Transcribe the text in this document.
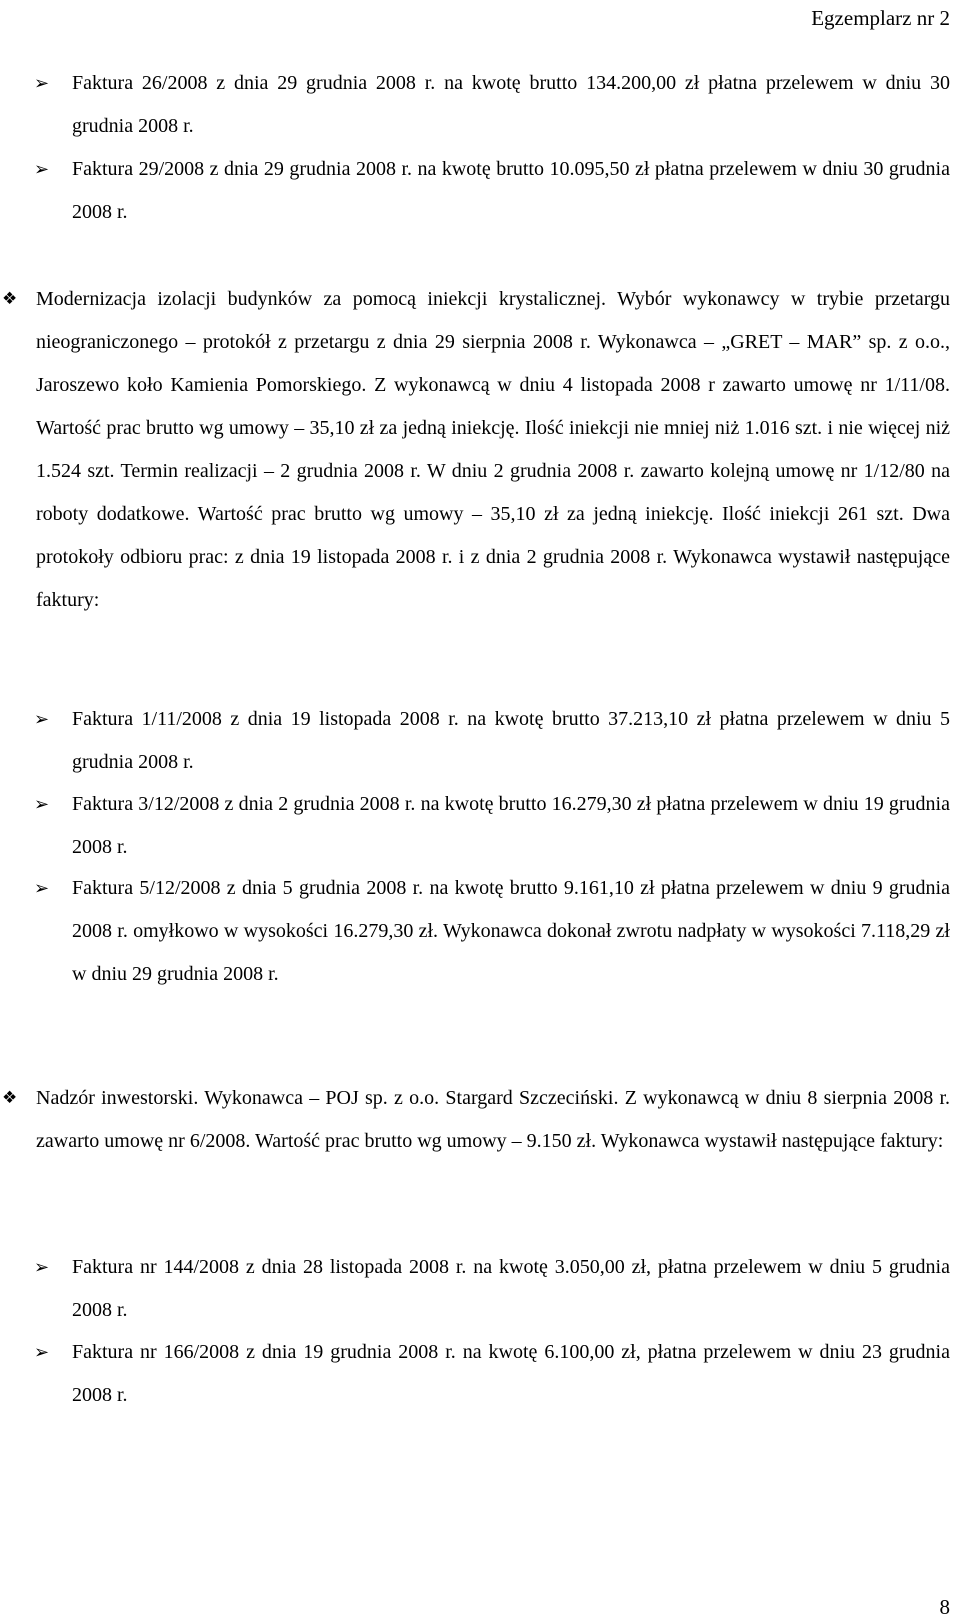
Egzemplarz nr 2

➢ Faktura 26/2008 z dnia 29 grudnia 2008 r. na kwotę brutto 134.200,00 zł płatna przelewem w dniu 30 grudnia 2008 r.

➢ Faktura 29/2008 z dnia 29 grudnia 2008 r. na kwotę brutto 10.095,50 zł płatna przelewem w dniu 30 grudnia 2008 r.

❖ Modernizacja izolacji budynków za pomocą iniekcji krystalicznej. Wybór wykonawcy w trybie przetargu nieograniczonego – protokół z przetargu z dnia 29 sierpnia 2008 r. Wykonawca – „GRET – MAR” sp. z o.o., Jaroszewo koło Kamienia Pomorskiego. Z wykonawcą w dniu 4 listopada 2008 r zawarto umowę nr 1/11/08. Wartość prac brutto wg umowy – 35,10 zł za jedną iniekcję. Ilość iniekcji nie mniej niż 1.016 szt. i nie więcej niż 1.524 szt. Termin realizacji – 2 grudnia 2008 r. W dniu 2 grudnia 2008 r. zawarto kolejną umowę nr 1/12/80 na roboty dodatkowe. Wartość prac brutto wg umowy – 35,10 zł za jedną iniekcję. Ilość iniekcji 261 szt. Dwa protokoły odbioru prac: z dnia 19 listopada 2008 r. i z dnia 2 grudnia 2008 r. Wykonawca wystawił następujące faktury:

➢ Faktura 1/11/2008 z dnia 19 listopada 2008 r. na kwotę brutto 37.213,10 zł płatna przelewem w dniu 5 grudnia 2008 r.

➢ Faktura 3/12/2008 z dnia 2 grudnia 2008 r. na kwotę brutto 16.279,30 zł płatna przelewem w dniu 19 grudnia 2008 r.

➢ Faktura 5/12/2008 z dnia 5 grudnia 2008 r. na kwotę brutto 9.161,10 zł płatna przelewem w dniu 9 grudnia 2008 r. omyłkowo w wysokości 16.279,30 zł. Wykonawca dokonał zwrotu nadpłaty w wysokości 7.118,29 zł w dniu 29 grudnia 2008 r.

❖ Nadzór inwestorski. Wykonawca – POJ sp. z o.o. Stargard Szczeciński. Z wykonawcą w dniu 8 sierpnia 2008 r. zawarto umowę nr 6/2008. Wartość prac brutto wg umowy – 9.150 zł. Wykonawca wystawił następujące faktury:

➢ Faktura nr 144/2008 z dnia 28 listopada 2008 r. na kwotę 3.050,00 zł, płatna przelewem w dniu 5 grudnia 2008 r.

➢ Faktura nr 166/2008 z dnia 19 grudnia 2008 r. na kwotę 6.100,00 zł, płatna przelewem w dniu 23 grudnia 2008 r.

8
